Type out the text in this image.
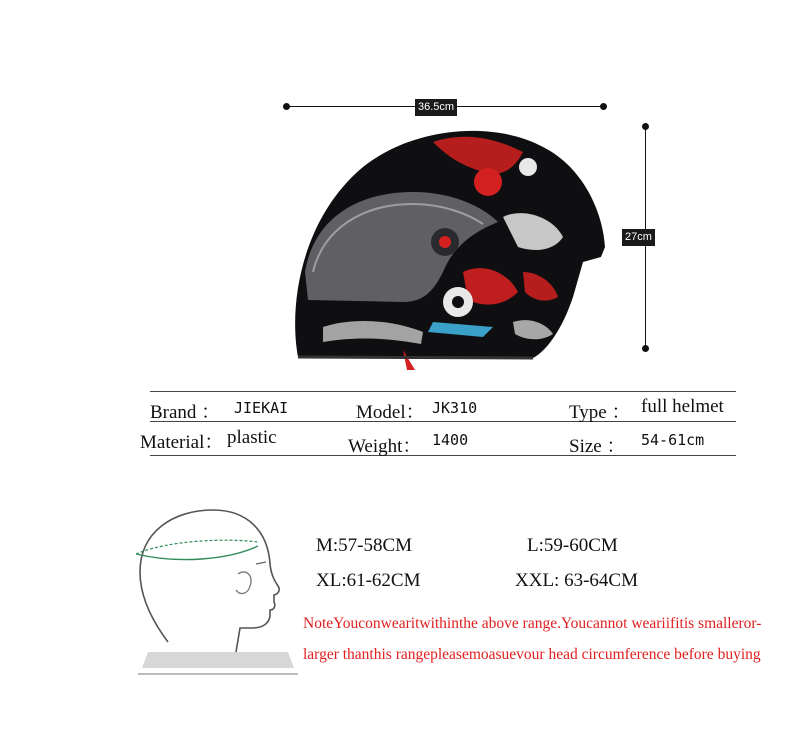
36.5cm
27cm
Brand ： JIEKAI	Model： JK310	Type ： full helmet
Material： plastic	Weight： 1400	Size ： 54-61cm
M:57-58CM	L:59-60CM
XL:61-62CM	XXL: 63-64CM
NoteYouconwearitwithinthe above range.Youcannot weariifitis smalleror-
larger thanthis rangepleasemoasuevour head circumference before buying
